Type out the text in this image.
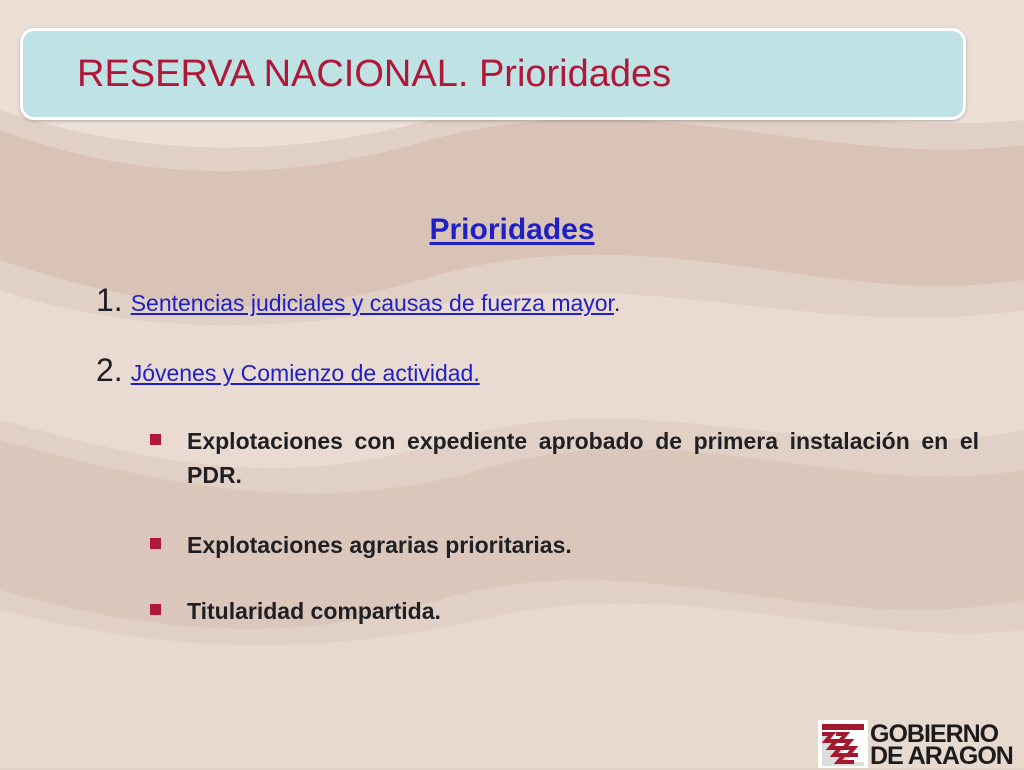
RESERVA NACIONAL. Prioridades
Prioridades
1. Sentencias judiciales y causas de fuerza mayor.
2. Jóvenes y Comienzo de actividad.
Explotaciones con expediente aprobado de primera instalación en el PDR.
Explotaciones agrarias prioritarias.
Titularidad compartida.
GOBIERNO
DE ARAGON
